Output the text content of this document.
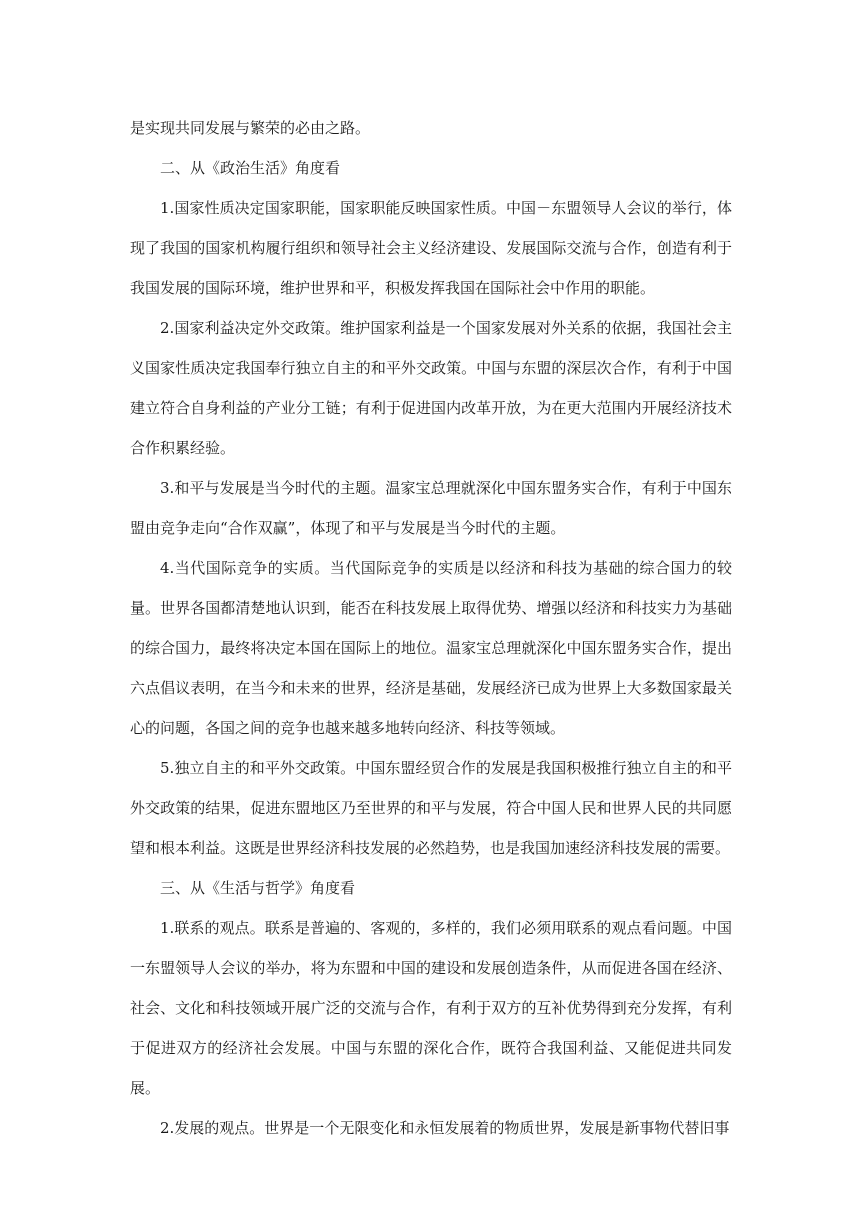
是实现共同发展与繁荣的必由之路。

二、从《政治生活》角度看

1.国家性质决定国家职能，国家职能反映国家性质。中国－东盟领导人会议的举行，体现了我国的国家机构履行组织和领导社会主义经济建设、发展国际交流与合作，创造有利于我国发展的国际环境，维护世界和平，积极发挥我国在国际社会中作用的职能。

2.国家利益决定外交政策。维护国家利益是一个国家发展对外关系的依据，我国社会主义国家性质决定我国奉行独立自主的和平外交政策。中国与东盟的深层次合作，有利于中国建立符合自身利益的产业分工链；有利于促进国内改革开放，为在更大范围内开展经济技术合作积累经验。

3.和平与发展是当今时代的主题。温家宝总理就深化中国东盟务实合作，有利于中国东盟由竞争走向“合作双赢”，体现了和平与发展是当今时代的主题。

4.当代国际竞争的实质。当代国际竞争的实质是以经济和科技为基础的综合国力的较量。世界各国都清楚地认识到，能否在科技发展上取得优势、增强以经济和科技实力为基础的综合国力，最终将决定本国在国际上的地位。温家宝总理就深化中国东盟务实合作，提出六点倡议表明，在当今和未来的世界，经济是基础，发展经济已成为世界上大多数国家最关心的问题，各国之间的竞争也越来越多地转向经济、科技等领域。

5.独立自主的和平外交政策。中国东盟经贸合作的发展是我国积极推行独立自主的和平外交政策的结果，促进东盟地区乃至世界的和平与发展，符合中国人民和世界人民的共同愿望和根本利益。这既是世界经济科技发展的必然趋势，也是我国加速经济科技发展的需要。

三、从《生活与哲学》角度看

1.联系的观点。联系是普遍的、客观的，多样的，我们必须用联系的观点看问题。中国一东盟领导人会议的举办，将为东盟和中国的建设和发展创造条件，从而促进各国在经济、社会、文化和科技领域开展广泛的交流与合作，有利于双方的互补优势得到充分发挥，有利于促进双方的经济社会发展。中国与东盟的深化合作，既符合我国利益、又能促进共同发展。

2.发展的观点。世界是一个无限变化和永恒发展着的物质世界，发展是新事物代替旧事
